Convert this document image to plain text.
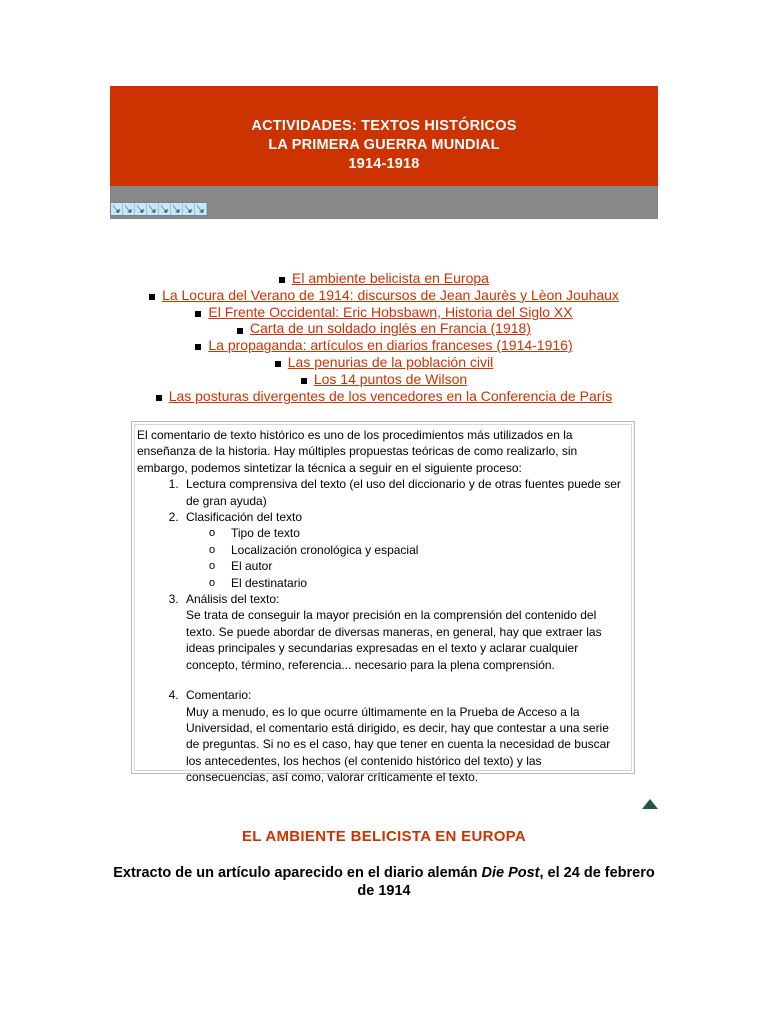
ACTIVIDADES: TEXTOS HISTÓRICOS
LA PRIMERA GUERRA MUNDIAL
1914-1918
El ambiente belicista en Europa
La Locura del Verano de 1914: discursos de Jean Jaurès y Lèon Jouhaux
El Frente Occidental: Eric Hobsbawn, Historia del Siglo XX
Carta de un soldado inglés en Francia (1918)
La propaganda: artículos en diarios franceses (1914-1916)
Las penurias de la población civil
Los 14 puntos de Wilson
Las posturas divergentes de los vencedores en la Conferencia de París

El comentario de texto histórico es uno de los procedimientos más utilizados en la enseñanza de la historia. Hay múltiples propuestas teóricas de como realizarlo, sin embargo, podemos sintetizar la técnica a seguir en el siguiente proceso:

1. Lectura comprensiva del texto (el uso del diccionario y de otras fuentes puede ser de gran ayuda)
2. Clasificación del texto
o Tipo de texto
o Localización cronológica y espacial
o El autor
o El destinatario
3. Análisis del texto:
Se trata de conseguir la mayor precisión en la comprensión del contenido del texto. Se puede abordar de diversas maneras, en general, hay que extraer las ideas principales y secundarias expresadas en el texto y aclarar cualquier concepto, término, referencia... necesario para la plena comprensión.
4. Comentario:
Muy a menudo, es lo que ocurre últimamente en la Prueba de Acceso a la Universidad, el comentario está dirigido, es decir, hay que contestar a una serie de preguntas. Si no es el caso, hay que tener en cuenta la necesidad de buscar los antecedentes, los hechos (el contenido histórico del texto) y las consecuencias, así como, valorar críticamente el texto.
EL AMBIENTE BELICISTA EN EUROPA
Extracto de un artículo aparecido en el diario alemán Die Post, el 24 de febrero de 1914
